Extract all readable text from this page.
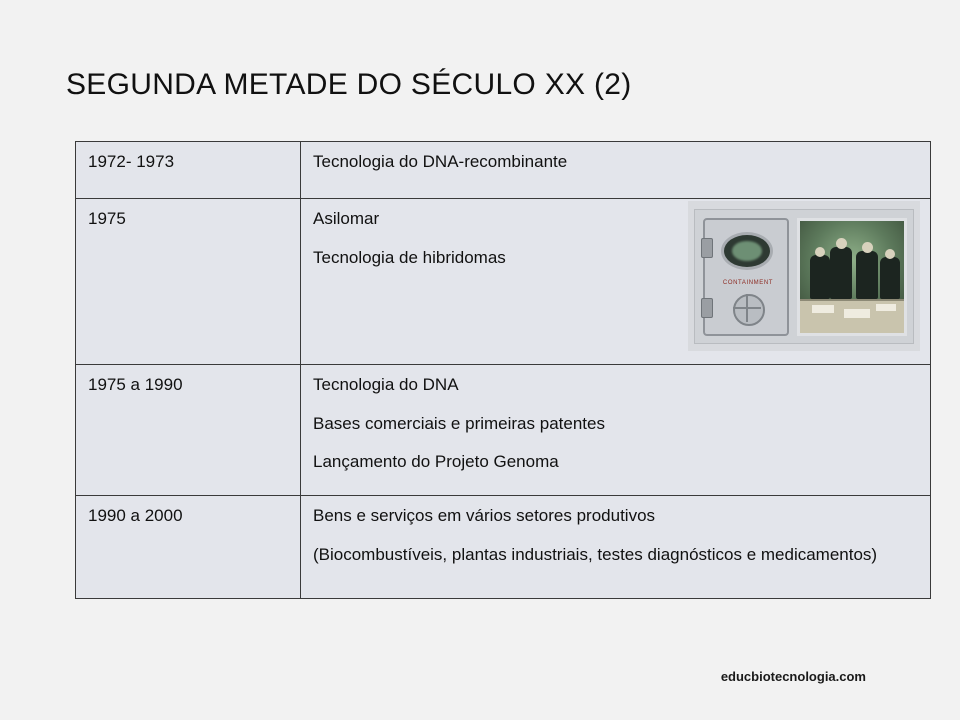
SEGUNDA METADE DO SÉCULO XX (2)
1972- 1973	Tecnologia do DNA-recombinante

1975	Asilomar

Tecnologia de hibridomas

CONTAINMENT

1975 a 1990	Tecnologia do DNA

Bases comerciais e primeiras patentes

Lançamento do Projeto Genoma

1990 a 2000	Bens e serviços em vários setores produtivos

(Biocombustíveis, plantas industriais, testes diagnósticos e medicamentos)

educbiotecnologia.com
